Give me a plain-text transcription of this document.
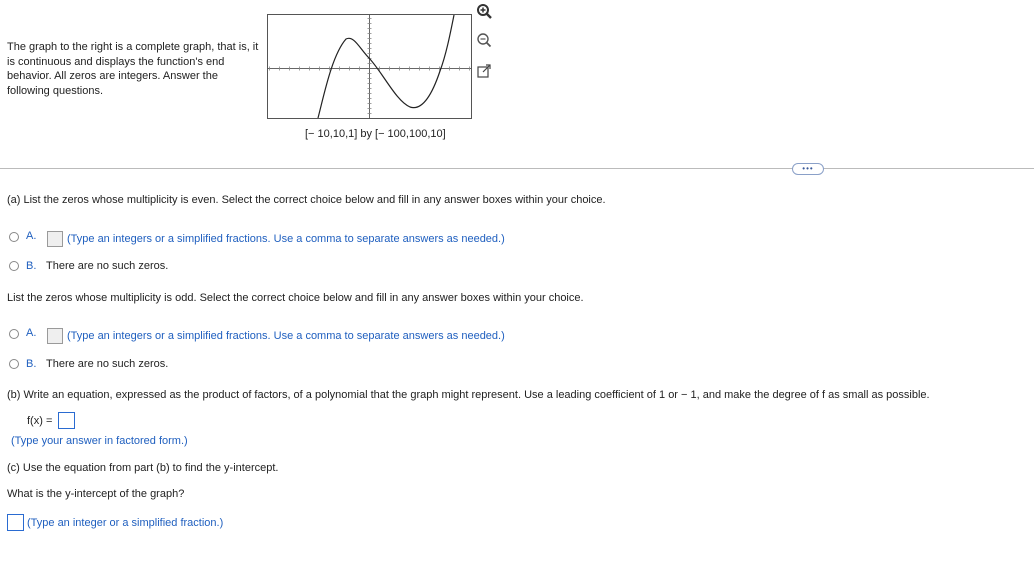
The graph to the right is a complete graph, that is, it is continuous and displays the function's end behavior. All zeros are integers. Answer the following questions.
[− 10,10,1] by [− 100,100,10]
•••
(a) List the zeros whose multiplicity is even. Select the correct choice below and fill in any answer boxes within your choice.
A.	(Type an integers or a simplified fractions. Use a comma to separate answers as needed.)
B. There are no such zeros.
List the zeros whose multiplicity is odd. Select the correct choice below and fill in any answer boxes within your choice.
A.	(Type an integers or a simplified fractions. Use a comma to separate answers as needed.)
B. There are no such zeros.
(b) Write an equation, expressed as the product of factors, of a polynomial that the graph might represent. Use a leading coefficient of 1 or − 1, and make the degree of f as small as possible.
f(x) =
(Type your answer in factored form.)
(c) Use the equation from part (b) to find the y-intercept.
What is the y-intercept of the graph?
(Type an integer or a simplified fraction.)
